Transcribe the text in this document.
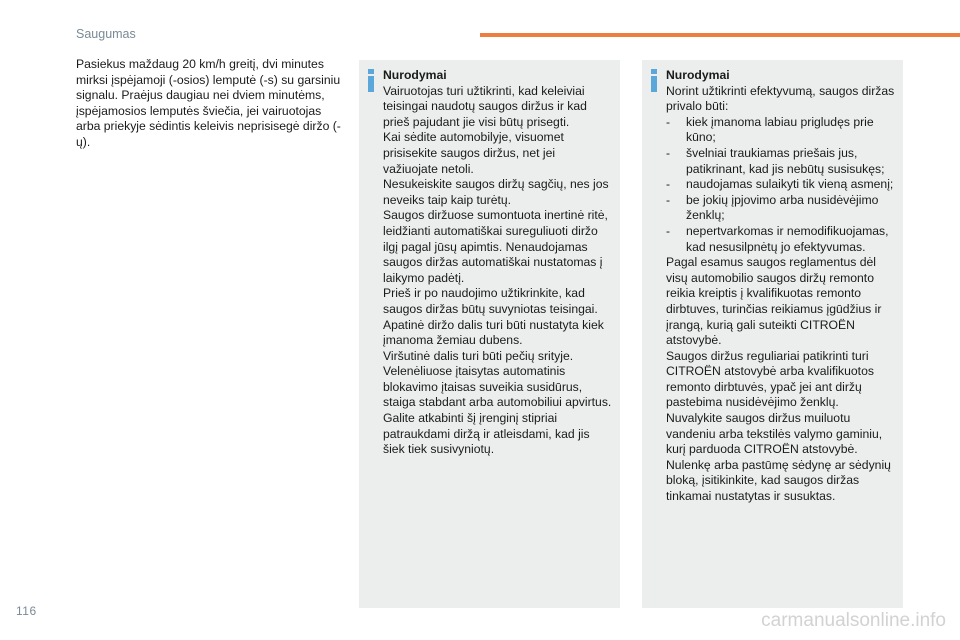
Saugumas

Pasiekus maždaug 20 km/h greitį, dvi minutes mirksi įspėjamoji (-osios) lemputė (-s) su garsiniu signalu. Praėjus daugiau nei dviem minutėms, įspėjamosios lemputės šviečia, jei vairuotojas arba priekyje sėdintis keleivis neprisisegė diržo (-ų).

Nurodymai

Vairuotojas turi užtikrinti, kad keleiviai teisingai naudotų saugos diržus ir kad prieš pajudant jie visi būtų prisegti.

Kai sėdite automobilyje, visuomet prisisekite saugos diržus, net jei važiuojate netoli.

Nesukeiskite saugos diržų sagčių, nes jos neveiks taip kaip turėtų.

Saugos diržuose sumontuota inertinė ritė, leidžianti automatiškai sureguliuoti diržo ilgį pagal jūsų apimtis. Nenaudojamas saugos diržas automatiškai nustatomas į laikymo padėtį.

Prieš ir po naudojimo užtikrinkite, kad saugos diržas būtų suvyniotas teisingai.

Apatinė diržo dalis turi būti nustatyta kiek įmanoma žemiau dubens.

Viršutinė dalis turi būti pečių srityje.

Velenėliuose įtaisytas automatinis blokavimo įtaisas suveikia susidūrus, staiga stabdant arba automobiliui apvirtus. Galite atkabinti šį įrenginį stipriai patraukdami diržą ir atleisdami, kad jis šiek tiek susivyniotų.

Nurodymai

Norint užtikrinti efektyvumą, saugos diržas privalo būti:

- kiek įmanoma labiau prigludęs prie kūno;
- švelniai traukiamas priešais jus, patikrinant, kad jis nebūtų susisukęs;
- naudojamas sulaikyti tik vieną asmenį;
- be jokių įpjovimo arba nusidėvėjimo ženklų;
- nepertvarkomas ir nemodifikuojamas, kad nesusilpnėtų jo efektyvumas.

Pagal esamus saugos reglamentus dėl visų automobilio saugos diržų remonto reikia kreiptis į kvalifikuotas remonto dirbtuves, turinčias reikiamus įgūdžius ir įrangą, kurią gali suteikti CITROËN atstovybė.

Saugos diržus reguliariai patikrinti turi CITROËN atstovybė arba kvalifikuotos remonto dirbtuvės, ypač jei ant diržų pastebima nusidėvėjimo ženklų.

Nuvalykite saugos diržus muiluotu vandeniu arba tekstilės valymo gaminiu, kurį parduoda CITROËN atstovybė.

Nulenkę arba pastūmę sėdynę ar sėdynių bloką, įsitikinkite, kad saugos diržas tinkamai nustatytas ir susuktas.

116	carmanualsonline.info
